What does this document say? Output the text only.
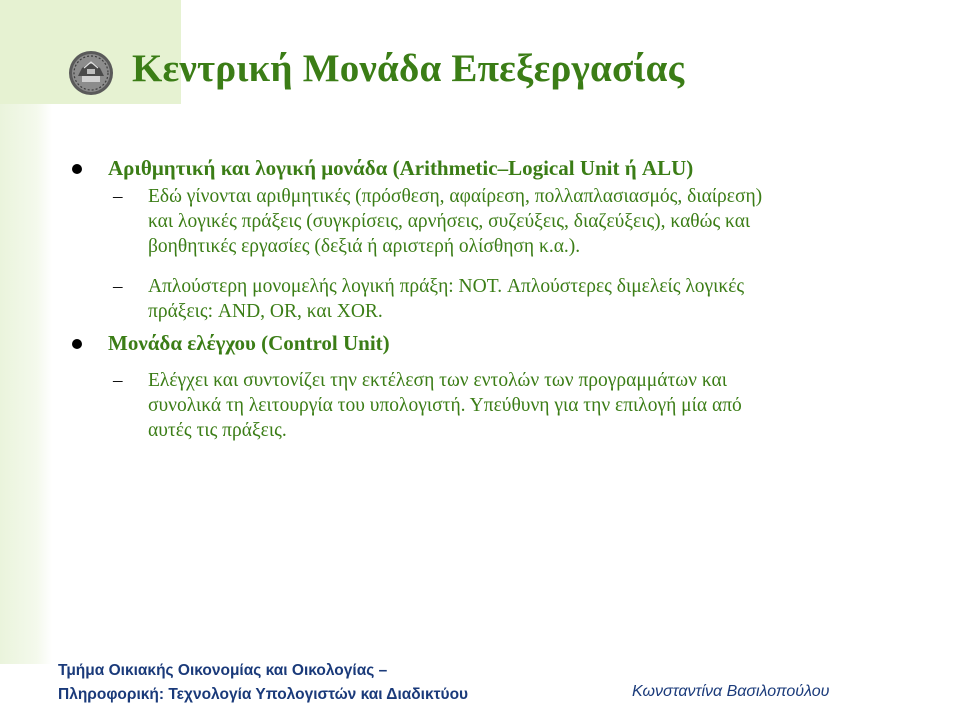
Κεντρική Μονάδα Επεξεργασίας
Αριθμητική και λογική μονάδα (Arithmetic–Logical Unit ή ALU)
–	Εδώ γίνονται αριθμητικές (πρόσθεση, αφαίρεση, πολλαπλασιασμός, διαίρεση)
και λογικές πράξεις (συγκρίσεις, αρνήσεις, συζεύξεις, διαζεύξεις), καθώς και
βοηθητικές εργασίες (δεξιά ή αριστερή ολίσθηση κ.α.).
–	Απλούστερη μονομελής λογική πράξη: NOT. Απλούστερες διμελείς λογικές
πράξεις: AND, OR, και XOR.
Μονάδα ελέγχου (Control Unit)
–	Ελέγχει και συντονίζει την εκτέλεση των εντολών των προγραμμάτων και
συνολικά τη λειτουργία του υπολογιστή. Υπεύθυνη για την επιλογή μία από
αυτές τις πράξεις.
Τμήμα Οικιακής Οικονομίας και Οικολογίας –
Πληροφορική: Τεχνολογία Υπολογιστών και Διαδικτύου	Κωνσταντίνα Βασιλοπούλου
